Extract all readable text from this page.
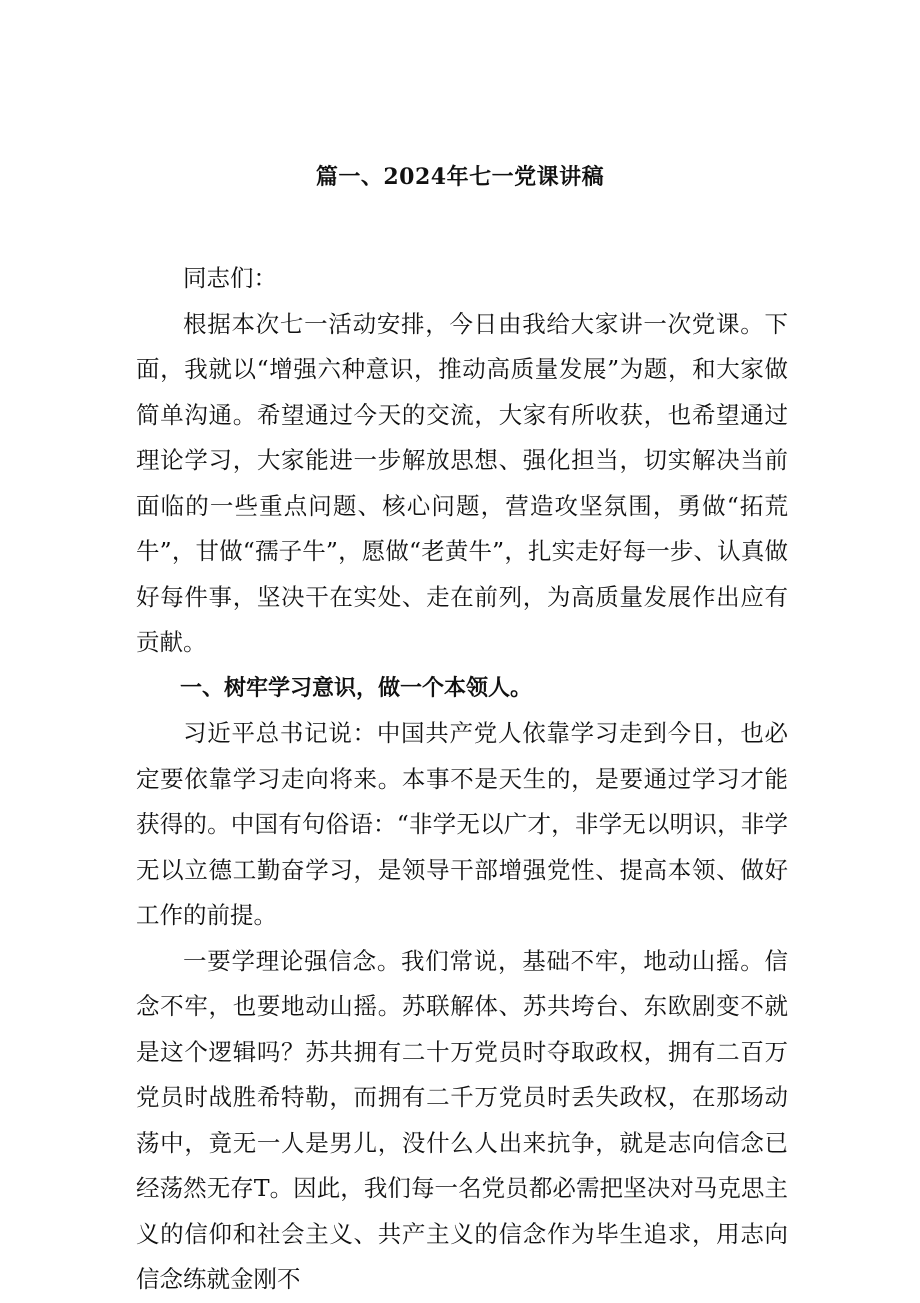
篇一、2024年七一党课讲稿

同志们：

根据本次七一活动安排，今日由我给大家讲一次党课。下面，我就以“增强六种意识，推动高质量发展”为题，和大家做简单沟通。希望通过今天的交流，大家有所收获，也希望通过理论学习，大家能进一步解放思想、强化担当，切实解决当前面临的一些重点问题、核心问题，营造攻坚氛围，勇做“拓荒牛”，甘做“孺子牛”，愿做“老黄牛”，扎实走好每一步、认真做好每件事，坚决干在实处、走在前列，为高质量发展作出应有贡献。

一、树牢学习意识，做一个本领人。

习近平总书记说：中国共产党人依靠学习走到今日，也必定要依靠学习走向将来。本事不是天生的，是要通过学习才能获得的。中国有句俗语：“非学无以广才，非学无以明识，非学无以立德工勤奋学习，是领导干部增强党性、提高本领、做好工作的前提。

一要学理论强信念。我们常说，基础不牢，地动山摇。信念不牢，也要地动山摇。苏联解体、苏共垮台、东欧剧变不就是这个逻辑吗？苏共拥有二十万党员时夺取政权，拥有二百万党员时战胜希特勒，而拥有二千万党员时丢失政权，在那场动荡中，竟无一人是男儿，没什么人出来抗争，就是志向信念已经荡然无存T。因此，我们每一名党员都必需把坚决对马克思主义的信仰和社会主义、共产主义的信念作为毕生追求，用志向信念练就金刚不
